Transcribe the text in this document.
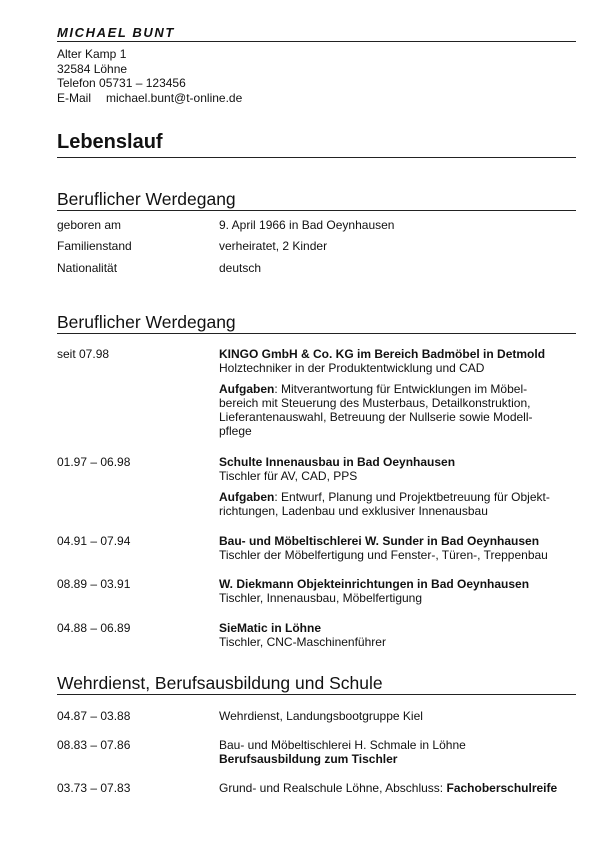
MICHAEL BUNT
Alter Kamp 1
32584 Löhne
Telefon 05731 – 123456
E-Mail michael.bunt@t-online.de
Lebenslauf
Beruflicher Werdegang
geboren am	9. April 1966 in Bad Oeynhausen
Familienstand	verheiratet, 2 Kinder
Nationalität	deutsch
Beruflicher Werdegang
seit 07.98	KINGO GmbH & Co. KG im Bereich Badmöbel in Detmold
Holztechniker in der Produktentwicklung und CAD
Aufgaben: Mitverantwortung für Entwicklungen im Möbel-
bereich mit Steuerung des Musterbaus, Detailkonstruktion,
Lieferantenauswahl, Betreuung der Nullserie sowie Modell-
pflege
01.97 – 06.98	Schulte Innenausbau in Bad Oeynhausen
Tischler für AV, CAD, PPS
Aufgaben: Entwurf, Planung und Projektbetreuung für Objekt-
richtungen, Ladenbau und exklusiver Innenausbau
04.91 – 07.94	Bau- und Möbeltischlerei W. Sunder in Bad Oeynhausen
Tischler der Möbelfertigung und Fenster-, Türen-, Treppenbau
08.89 – 03.91	W. Diekmann Objekteinrichtungen in Bad Oeynhausen
Tischler, Innenausbau, Möbelfertigung
04.88 – 06.89	SieMatic in Löhne
Tischler, CNC-Maschinenführer
Wehrdienst, Berufsausbildung und Schule
04.87 – 03.88	Wehrdienst, Landungsbootgruppe Kiel
08.83 – 07.86	Bau- und Möbeltischlerei H. Schmale in Löhne
Berufsausbildung zum Tischler
03.73 – 07.83	Grund- und Realschule Löhne, Abschluss: Fachoberschulreife
